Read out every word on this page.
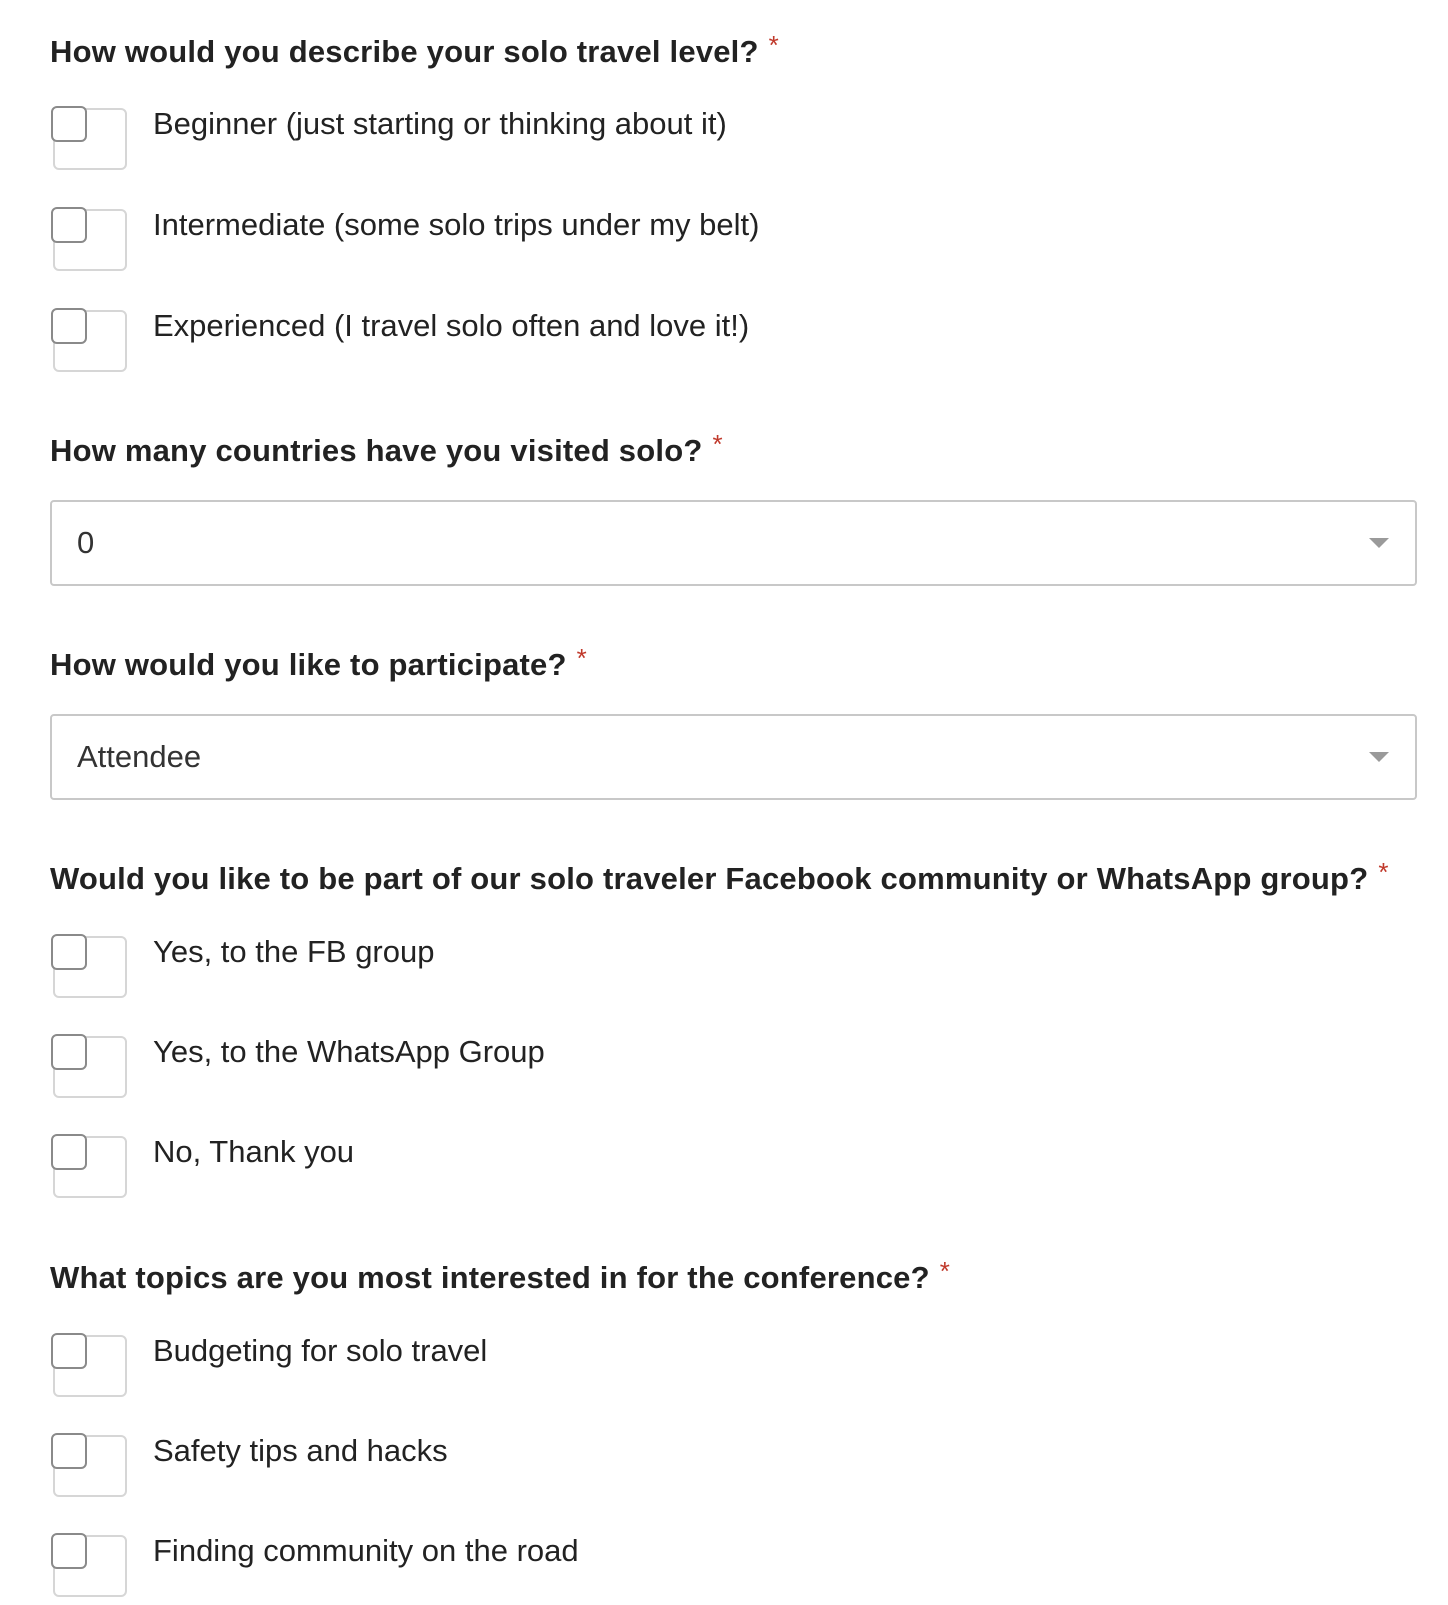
How would you describe your solo travel level? *
Beginner (just starting or thinking about it)
Intermediate (some solo trips under my belt)
Experienced (I travel solo often and love it!)
How many countries have you visited solo? *
0
How would you like to participate? *
Attendee
Would you like to be part of our solo traveler Facebook community or WhatsApp group? *
Yes, to the FB group
Yes, to the WhatsApp Group
No, Thank you
What topics are you most interested in for the conference? *
Budgeting for solo travel
Safety tips and hacks
Finding community on the road
